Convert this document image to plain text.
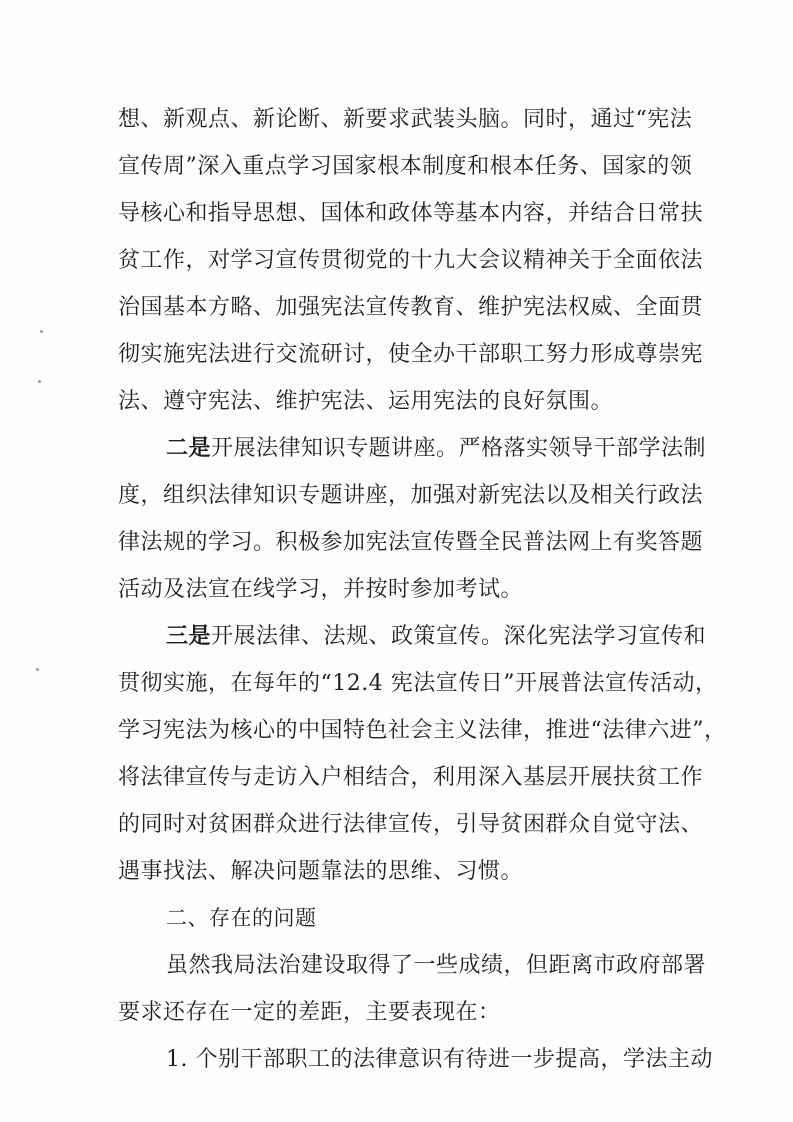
想、新观点、新论断、新要求武装头脑。同时，通过“宪法
宣传周”深入重点学习国家根本制度和根本任务、国家的领
导核心和指导思想、国体和政体等基本内容，并结合日常扶
贫工作，对学习宣传贯彻党的十九大会议精神关于全面依法
治国基本方略、加强宪法宣传教育、维护宪法权威、全面贯
彻实施宪法进行交流研讨，使全办干部职工努力形成尊崇宪
法、遵守宪法、维护宪法、运用宪法的良好氛围。
二是开展法律知识专题讲座。严格落实领导干部学法制
度，组织法律知识专题讲座，加强对新宪法以及相关行政法
律法规的学习。积极参加宪法宣传暨全民普法网上有奖答题
活动及法宣在线学习，并按时参加考试。
三是开展法律、法规、政策宣传。深化宪法学习宣传和
贯彻实施，在每年的“12.4 宪法宣传日”开展普法宣传活动，
学习宪法为核心的中国特色社会主义法律，推进“法律六进”，
将法律宣传与走访入户相结合，利用深入基层开展扶贫工作
的同时对贫困群众进行法律宣传，引导贫困群众自觉守法、
遇事找法、解决问题靠法的思维、习惯。
二、存在的问题
虽然我局法治建设取得了一些成绩，但距离市政府部署
要求还存在一定的差距，主要表现在：
1. 个别干部职工的法律意识有待进一步提高，学法主动
